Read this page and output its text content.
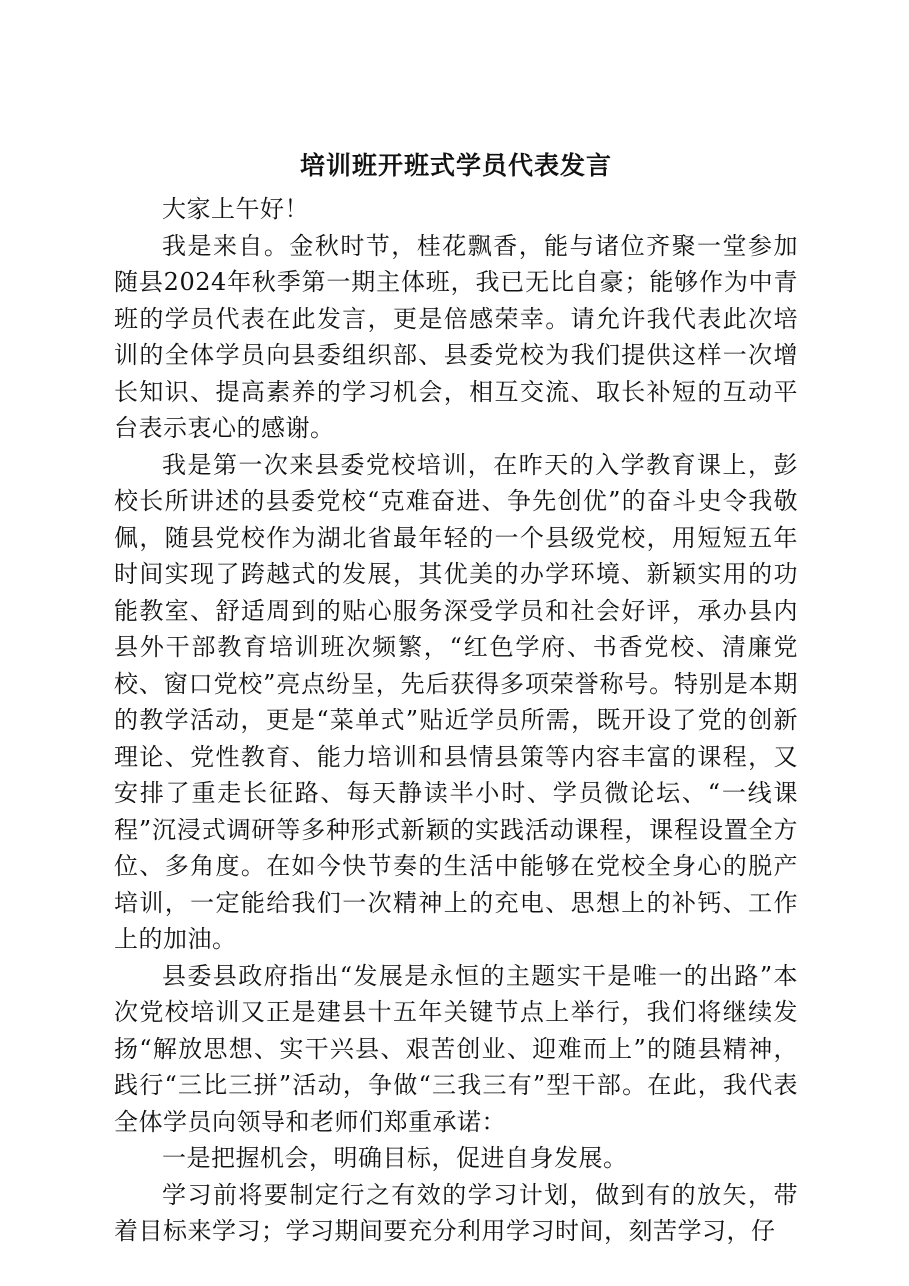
培训班开班式学员代表发言

大家上午好！

我是来自。金秋时节，桂花飘香，能与诸位齐聚一堂参加随县2024年秋季第一期主体班，我已无比自豪；能够作为中青班的学员代表在此发言，更是倍感荣幸。请允许我代表此次培训的全体学员向县委组织部、县委党校为我们提供这样一次增长知识、提高素养的学习机会，相互交流、取长补短的互动平台表示衷心的感谢。

我是第一次来县委党校培训，在昨天的入学教育课上，彭校长所讲述的县委党校“克难奋进、争先创优”的奋斗史令我敬佩，随县党校作为湖北省最年轻的一个县级党校，用短短五年时间实现了跨越式的发展，其优美的办学环境、新颖实用的功能教室、舒适周到的贴心服务深受学员和社会好评，承办县内县外干部教育培训班次频繁，“红色学府、书香党校、清廉党校、窗口党校”亮点纷呈，先后获得多项荣誉称号。特别是本期的教学活动，更是“菜单式”贴近学员所需，既开设了党的创新理论、党性教育、能力培训和县情县策等内容丰富的课程，又安排了重走长征路、每天静读半小时、学员微论坛、“一线课程”沉浸式调研等多种形式新颖的实践活动课程，课程设置全方位、多角度。在如今快节奏的生活中能够在党校全身心的脱产培训，一定能给我们一次精神上的充电、思想上的补钙、工作上的加油。

县委县政府指出“发展是永恒的主题实干是唯一的出路”本次党校培训又正是建县十五年关键节点上举行，我们将继续发扬“解放思想、实干兴县、艰苦创业、迎难而上”的随县精神，践行“三比三拼”活动，争做“三我三有”型干部。在此，我代表全体学员向领导和老师们郑重承诺：

一是把握机会，明确目标，促进自身发展。

学习前将要制定行之有效的学习计划，做到有的放矢，带着目标来学习；学习期间要充分利用学习时间，刻苦学习，仔
